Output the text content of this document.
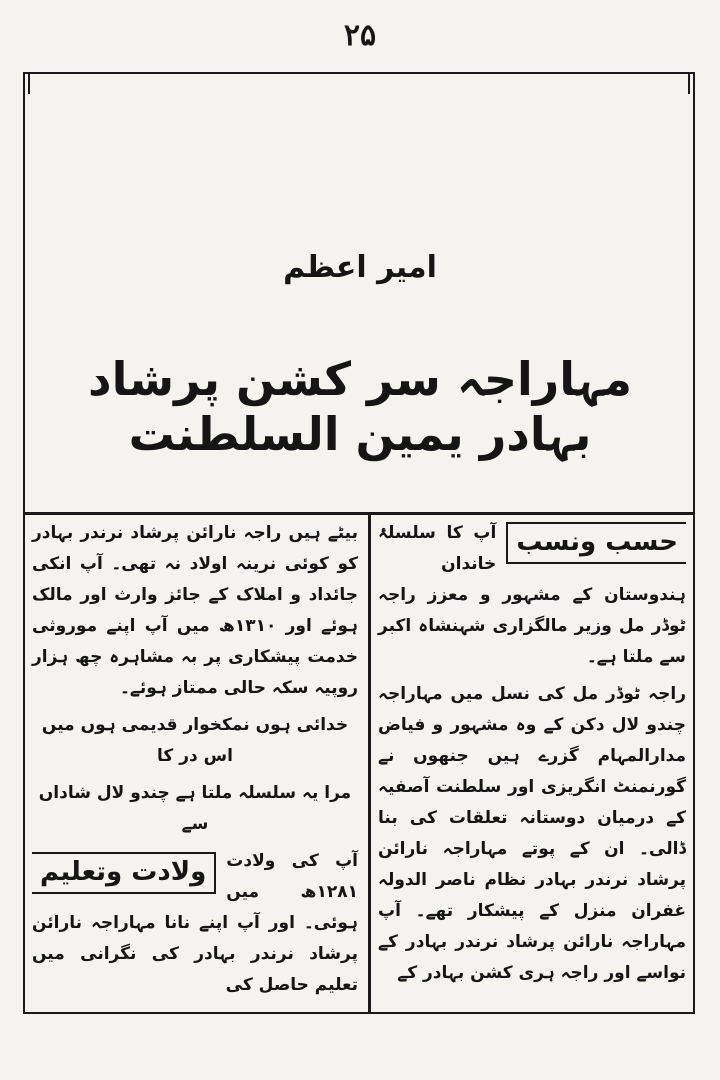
۲۵
امیر اعظم
مہاراجہ سر کشن پرشاد بہادر یمین السلطنت
حسب ونسب

آپ کا سلسلۂ خاندان ہندوستان کے مشہور و معزز راجہ ٹوڈر مل وزیر مالگزاری شہنشاہ اکبر سے ملتا ہے۔

راجہ ٹوڈر مل کی نسل میں مہاراجہ چندو لال دکن کے وہ مشہور و فیاض مدارالمہام گزرے ہیں جنھوں نے گورنمنٹ انگریزی اور سلطنت آصفیہ کے درمیان دوستانہ تعلقات کی بنا ڈالی۔ ان کے پوتے مہاراجہ نارائن پرشاد نرندر بہادر نظام ناصر الدولہ غفران منزل کے پیشکار تھے۔ آپ مہاراجہ نارائن پرشاد نرندر بہادر کے نواسے اور راجہ ہری کشن بہادر کے

بیٹے ہیں راجہ نارائن پرشاد نرندر بہادر کو کوئی نرینہ اولاد نہ تھی۔ آپ انکی جائداد و املاک کے جائز وارث اور مالک ہوئے اور ۱۳۱۰ھ میں آپ اپنے موروثی خدمت پیشکاری پر بہ مشاہرہ چھ ہزار روپیہ سکہ حالی ممتاز ہوئے۔

خدائی ہوں نمکخوار قدیمی ہوں میں اس در کا

مرا یہ سلسلہ ملتا ہے چندو لال شاداں سے

ولادت وتعلیم	آپ کی ولادت ۱۲۸۱ھ میں ہوئی۔ اور آپ اپنے نانا مہاراجہ نارائن پرشاد نرندر بہادر کی نگرانی میں تعلیم حاصل کی
